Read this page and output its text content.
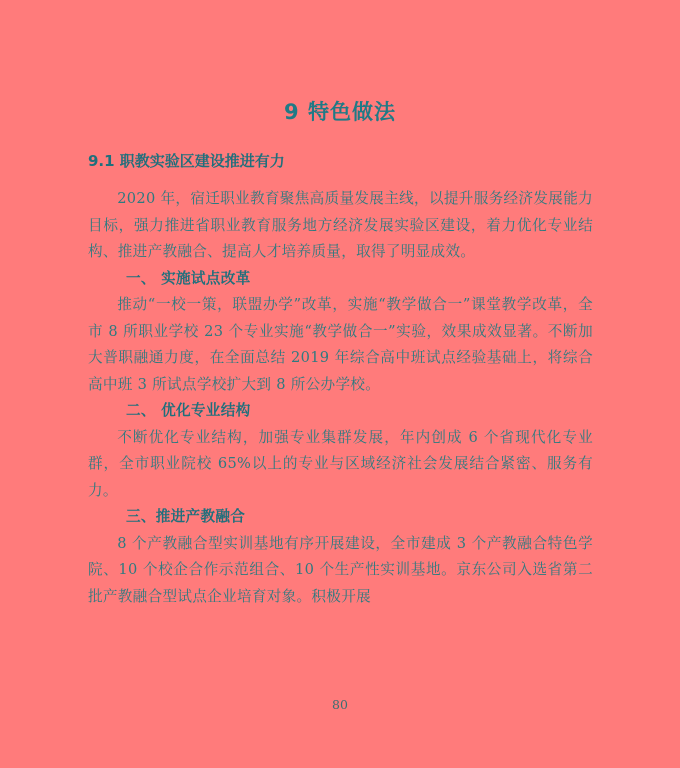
9 特色做法
9.1 职教实验区建设推进有力

2020 年，宿迁职业教育聚焦高质量发展主线，以提升服务经济发展能力目标，强力推进省职业教育服务地方经济发展实验区建设，着力优化专业结构、推进产教融合、提高人才培养质量，取得了明显成效。

一、 实施试点改革

推动“一校一策，联盟办学”改革，实施“教学做合一”课堂教学改革，全市 8 所职业学校 23 个专业实施“教学做合一”实验，效果成效显著。不断加大普职融通力度，在全面总结 2019 年综合高中班试点经验基础上，将综合高中班 3 所试点学校扩大到 8 所公办学校。

二、 优化专业结构

不断优化专业结构，加强专业集群发展，年内创成 6 个省现代化专业群，全市职业院校 65%以上的专业与区域经济社会发展结合紧密、服务有力。

三、推进产教融合

8 个产教融合型实训基地有序开展建设，全市建成 3 个产教融合特色学院、10 个校企合作示范组合、10 个生产性实训基地。京东公司入选省第二批产教融合型试点企业培育对象。积极开展

80
